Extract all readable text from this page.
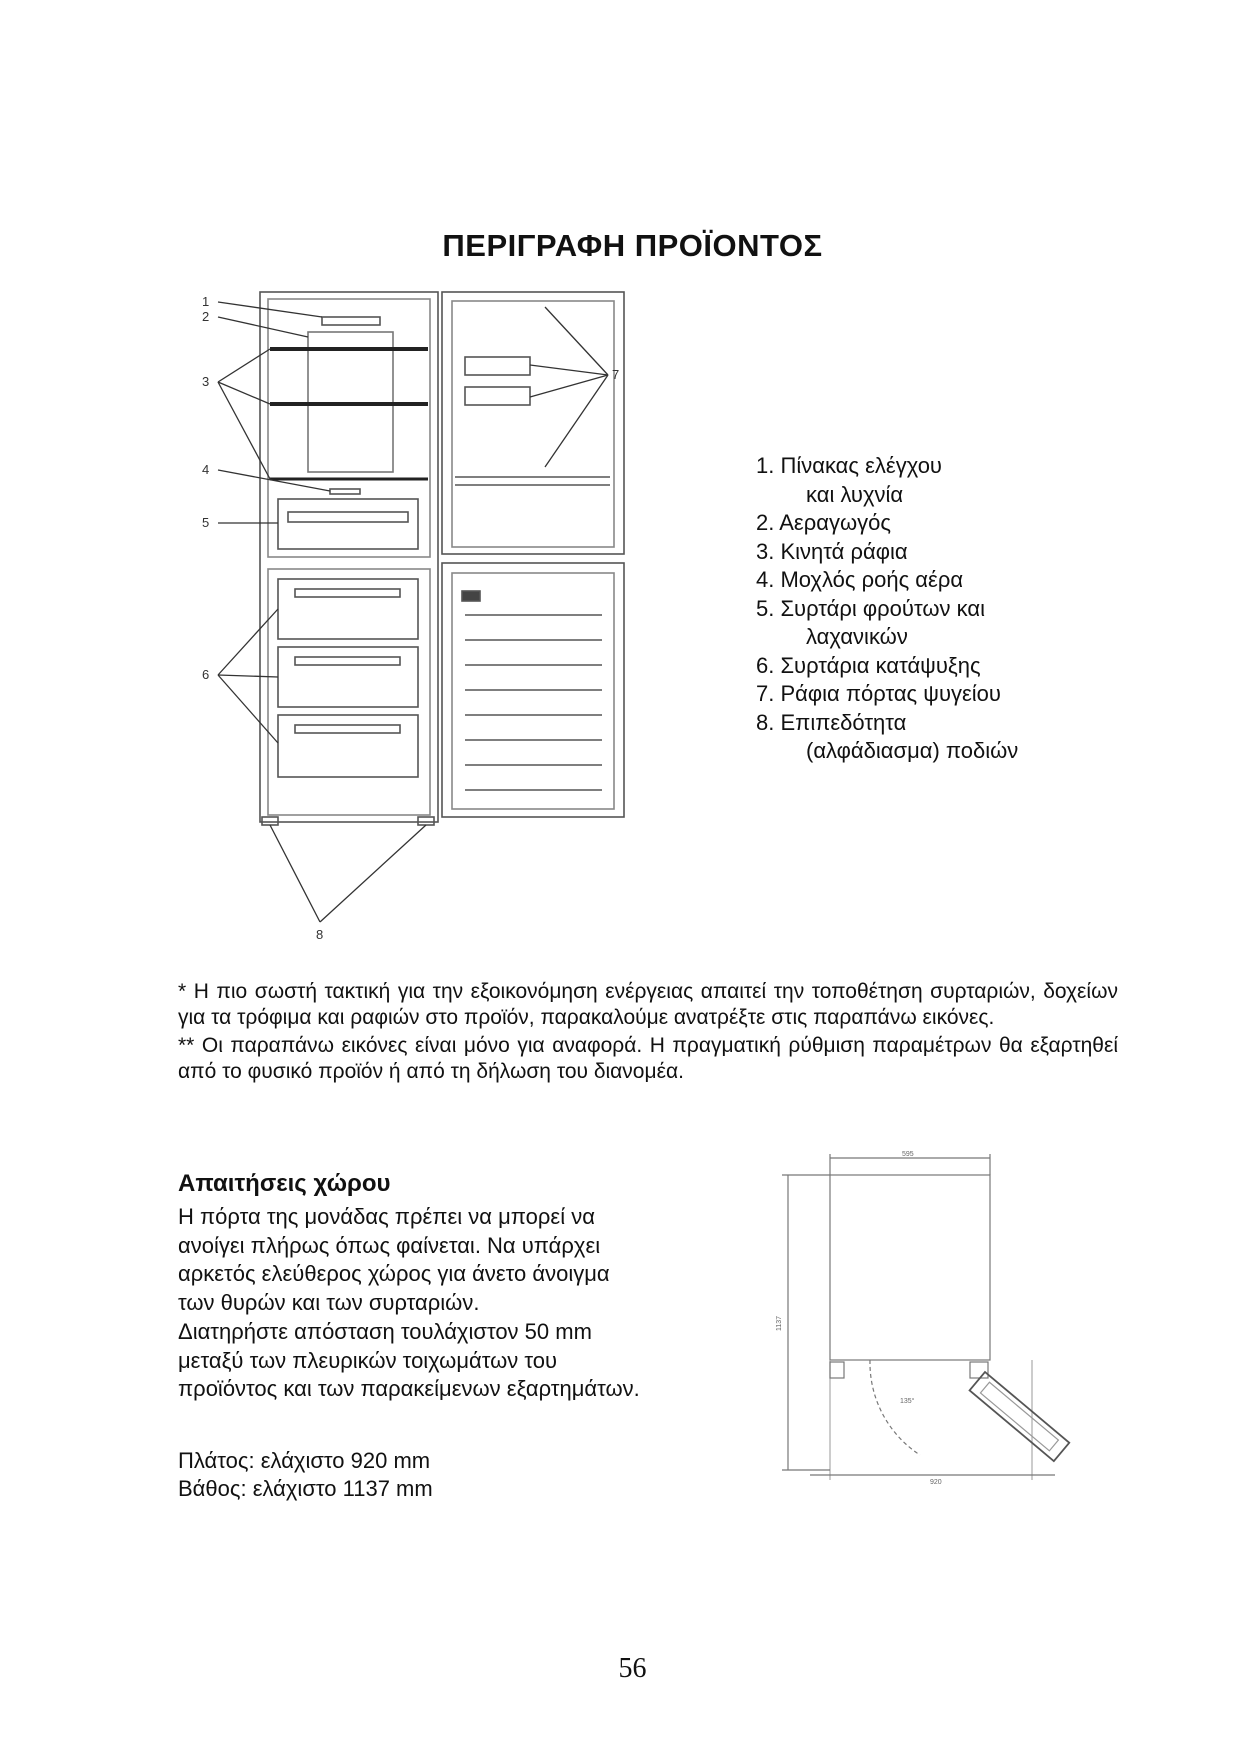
ΠΕΡΙΓΡΑΦΗ ΠΡΟΪΟΝΤΟΣ
1
2
3
4
5
6
7
8
1. Πίνακας ελέγχου
και λυχνία
2. Αεραγωγός
3. Κινητά ράφια
4. Μοχλός ροής αέρα
5. Συρτάρι φρούτων και
λαχανικών
6. Συρτάρια κατάψυξης
7. Ράφια πόρτας ψυγείου
8. Επιπεδότητα
(αλφάδιασμα) ποδιών

* Η πιο σωστή τακτική για την εξοικονόμηση ενέργειας απαιτεί την τοποθέτηση συρταριών, δοχείων για τα τρόφιμα και ραφιών στο προϊόν, παρακαλούμε ανατρέξτε στις παραπάνω εικόνες.

** Οι παραπάνω εικόνες είναι μόνο για αναφορά. Η πραγματική ρύθμιση παραμέτρων θα εξαρτηθεί από το φυσικό προϊόν ή από τη δήλωση του διανομέα.

Απαιτήσεις χώρου
Η πόρτα της μονάδας πρέπει να μπορεί να
ανοίγει πλήρως όπως φαίνεται. Να υπάρχει
αρκετός ελεύθερος χώρος για άνετο άνοιγμα
των θυρών και των συρταριών.
Διατηρήστε απόσταση τουλάχιστον 50 mm
μεταξύ των πλευρικών τοιχωμάτων του
προϊόντος και των παρακείμενων εξαρτημάτων.
Πλάτος: ελάχιστο 920 mm
Βάθος: ελάχιστο 1137 mm
595
1137
920
135°
56
